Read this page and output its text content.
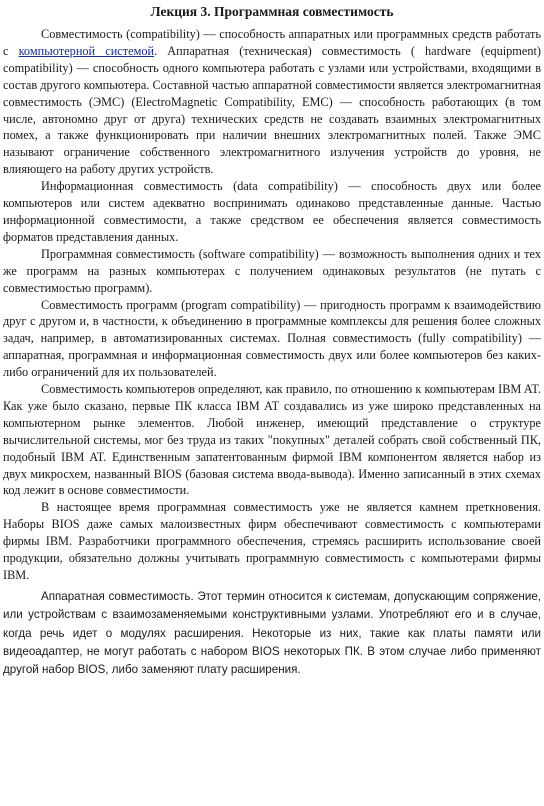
Лекция 3. Программная совместимость

Совместимость (compatibility) — способность аппаратных или программных средств работать с компьютерной системой. Аппаратная (техническая) совместимость ( hardware (equipment) compatibility) — способность одного компьютера работать с узлами или устройствами, входящими в состав другого компьютера. Составной частью аппаратной совместимости является электромагнитная совместимость (ЭМС) (ElectroMagnetic Compatibility, EMC) — способность работающих (в том числе, автономно друг от друга) технических средств не создавать взаимных электромагнитных помех, а также функционировать при наличии внешних электромагнитных полей. Также ЭМС называют ограничение собственного электромагнитного излучения устройств до уровня, не влияющего на работу других устройств.

Информационная совместимость (data compatibility) — способность двух или более компьютеров или систем адекватно воспринимать одинаково представленные данные. Частью информационной совместимости, а также средством ее обеспечения является совместимость форматов представления данных.

Программная совместимость (software compatibility) — возможность выполнения одних и тех же программ на разных компьютерах с получением одинаковых результатов (не путать с совместимостью программ).

Совместимость программ (program compatibility) — пригодность программ к взаимодействию друг с другом и, в частности, к объединению в программные комплексы для решения более сложных задач, например, в автоматизированных системах. Полная совместимость (fully compatibility) — аппаратная, программная и информационная совместимость двух или более компьютеров без каких-либо ограничений для их пользователей.

Совместимость компьютеров определяют, как правило, по отношению к компьютерам IBM AT. Как уже было сказано, первые ПК класса IBM AT создавались из уже широко представленных на компьютерном рынке элементов. Любой инженер, имеющий представление о структуре вычислительной системы, мог без труда из таких "покупных" деталей собрать свой собственный ПК, подобный IBM AT. Единственным запатентованным фирмой IBM компонентом является набор из двух микросхем, названный BIOS (базовая система ввода-вывода). Именно записанный в этих схемах код лежит в основе совместимости.

В настоящее время программная совместимость уже не является камнем преткновения. Наборы BIOS даже самых малоизвестных фирм обеспечивают совместимость с компьютерами фирмы IBM. Разработчики программного обеспечения, стремясь расширить использование своей продукции, обязательно должны учитывать программную совместимость с компьютерами фирмы IBM.

Аппаратная совместимость. Этот термин относится к системам, допускающим сопряжение, или устройствам с взаимозаменяемыми конструктивными узлами. Употребляют его и в случае, когда речь идет о модулях расширения. Некоторые из них, такие как платы памяти или видеоадаптер, не могут работать с набором BIOS некоторых ПК. В этом случае либо применяют другой набор BIOS, либо заменяют плату расширения.
